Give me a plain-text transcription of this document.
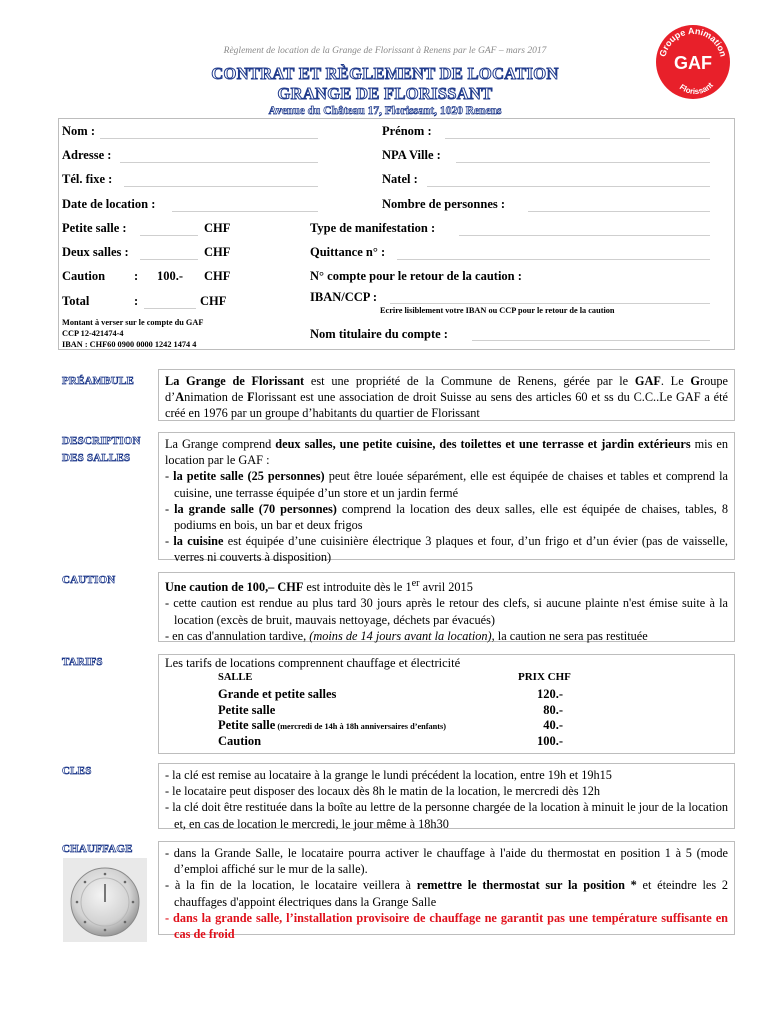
Règlement de location de la Grange de Florissant à Renens par le GAF – mars 2017
CONTRAT ET RÈGLEMENT DE LOCATION
GRANGE DE FLORISSANT
Avenue du Château 17, Florissant, 1020 Renens
Groupe Animation
GAF
Florissant
Nom :	Prénom :
Adresse :	NPA Ville :
Tél. fixe :	Natel :
Date de location :	Nombre de personnes :
Petite salle :	CHF	Type de manifestation :
Deux salles :	CHF	Quittance n° :
Caution : 100.- CHF	N° compte pour le retour de la caution :
Total	:	CHF	IBAN/CCP :
Ecrire lisiblement votre IBAN ou CCP pour le retour de la caution
Montant à verser sur le compte du GAF
CCP 12-421474-4
IBAN : CHF60 0900 0000 1242 1474 4
Nom titulaire du compte :
PRÉAMBULE	La Grange de Florissant est une propriété de la Commune de Renens, gérée par le GAF. Le Groupe d’Animation de Florissant est une association de droit Suisse au sens des articles 60 et ss du C.C..Le GAF a été créé en 1976 par un groupe d’habitants du quartier de Florissant
DESCRIPTION
DES SALLES
La Grange comprend deux salles, une petite cuisine, des toilettes et une terrasse et jardin extérieurs mis en location par le GAF :
- la petite salle (25 personnes) peut être louée séparément, elle est équipée de chaises et tables et comprend la cuisine, une terrasse équipée d’un store et un jardin fermé
- la grande salle (70 personnes) comprend la location des deux salles, elle est équipée de chaises, tables, 8 podiums en bois, un bar et deux frigos
- la cuisine est équipée d’une cuisinière électrique 3 plaques et four, d’un frigo et d’un évier (pas de vaisselle, verres ni couverts à disposition)
CAUTION
Une caution de 100,– CHF est introduite dès le 1er avril 2015
- cette caution est rendue au plus tard 30 jours après le retour des clefs, si aucune plainte n'est émise suite à la location (excès de bruit, mauvais nettoyage, déchets par évacués)
- en cas d'annulation tardive, (moins de 14 jours avant la location), la caution ne sera pas restituée
TARIFS	Les tarifs de locations comprennent chauffage et électricité
SALLE	PRIX CHF
Grande et petite salles	120.-
Petite salle	80.-
Petite salle (mercredi de 14h à 18h anniversaires d’enfants)	40.-
Caution	100.-
CLES	- la clé est remise au locataire à la grange le lundi précédent la location, entre 19h et 19h15
- le locataire peut disposer des locaux dès 8h le matin de la location, le mercredi dès 12h
- la clé doit être restituée dans la boîte au lettre de la personne chargée de la location à minuit le jour de la location et, en cas de location le mercredi, le jour même à 18h30
CHAUFFAGE	- dans la Grande Salle, le locataire pourra activer le chauffage à l'aide du thermostat en position 1 à 5 (mode d’emploi affiché sur le mur de la salle).
- à la fin de la location, le locataire veillera à remettre le thermostat sur la position * et éteindre les 2 chauffages d'appoint électriques dans la Grange Salle
- dans la grande salle, l’installation provisoire de chauffage ne garantit pas une température suffisante en cas de froid
